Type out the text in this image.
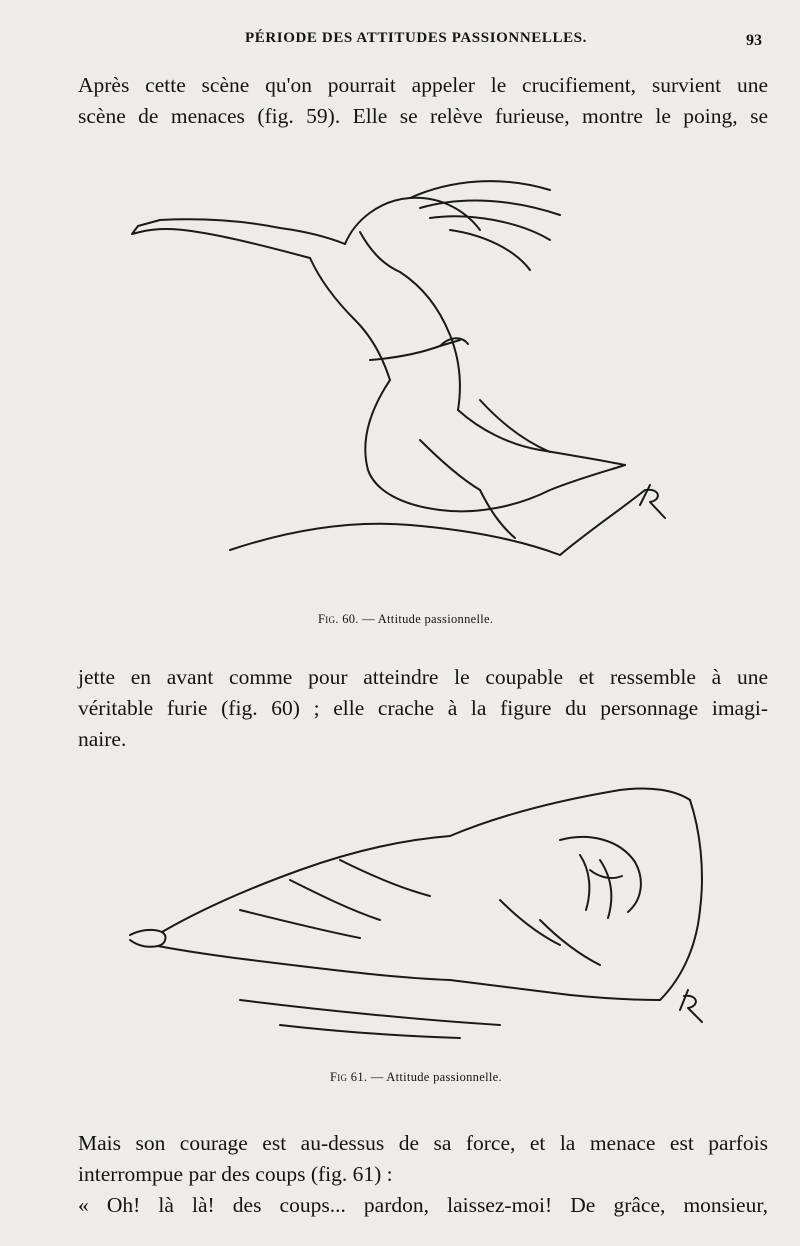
PÉRIODE DES ATTITUDES PASSIONNELLES.	93
Après cette scène qu'on pourrait appeler le crucifiement, survient une
scène de menaces (fig. 59). Elle se relève furieuse, montre le poing, se
Fig. 60. — Attitude passionnelle.
jette en avant comme pour atteindre le coupable et ressemble à une
véritable furie (fig. 60) ; elle crache à la figure du personnage imagi-
naire.
Fig 61. — Attitude passionnelle.
Mais son courage est au-dessus de sa force, et la menace est parfois
interrompue par des coups (fig. 61) :
« Oh! là là! des coups... pardon, laissez-moi! De grâce, monsieur,
